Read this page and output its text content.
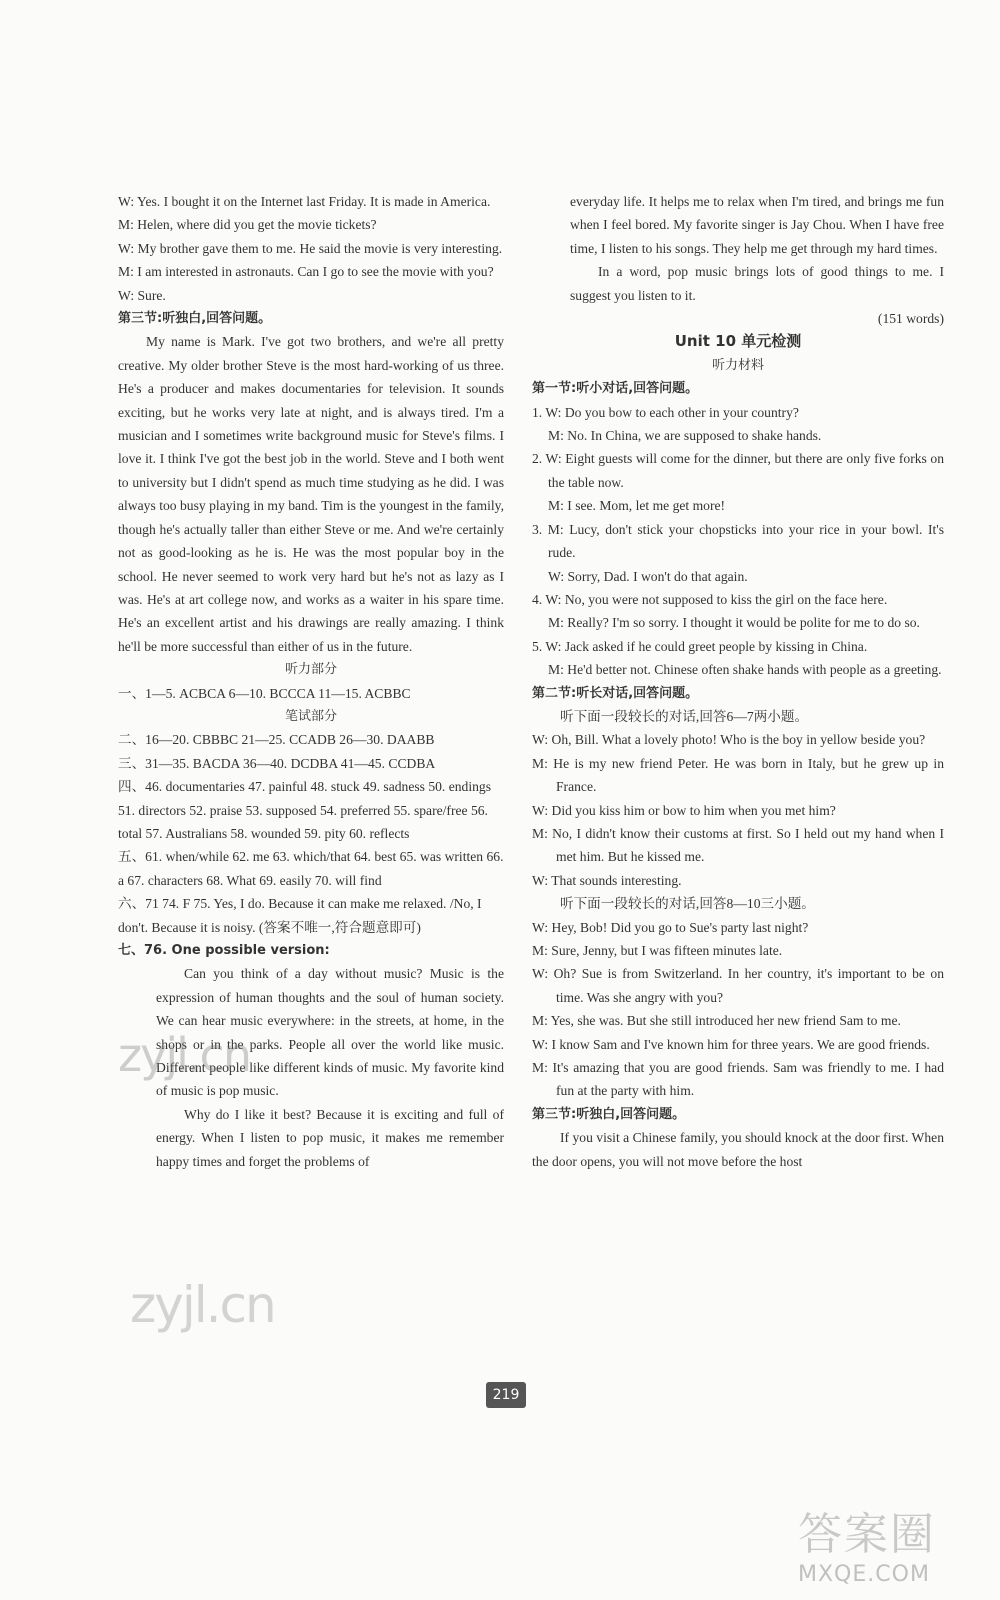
W: Yes. I bought it on the Internet last Friday. It is made in America.

M: Helen, where did you get the movie tickets?

W: My brother gave them to me. He said the movie is very interesting.

M: I am interested in astronauts. Can I go to see the movie with you?

W: Sure.

第三节:听独白,回答问题。

My name is Mark. I've got two brothers, and we're all pretty creative. My older brother Steve is the most hard-working of us three. He's a producer and makes documentaries for television. It sounds exciting, but he works very late at night, and is always tired. I'm a musician and I sometimes write background music for Steve's films. I love it. I think I've got the best job in the world. Steve and I both went to university but I didn't spend as much time studying as he did. I was always too busy playing in my band. Tim is the youngest in the family, though he's actually taller than either Steve or me. And we're certainly not as good-looking as he is. He was the most popular boy in the school. He never seemed to work very hard but he's not as lazy as I was. He's at art college now, and works as a waiter in his spare time. He's an excellent artist and his drawings are really amazing. I think he'll be more successful than either of us in the future.

听力部分

一、1—5. ACBCA 6—10. BCCCA 11—15. ACBBC

笔试部分

二、16—20. CBBBC 21—25. CCADB 26—30. DAABB

三、31—35. BACDA 36—40. DCDBA 41—45. CCDBA

四、46. documentaries 47. painful 48. stuck 49. sadness 50. endings 51. directors 52. praise 53. supposed 54. preferred 55. spare/free 56. total 57. Australians 58. wounded 59. pity 60. reflects

五、61. when/while 62. me 63. which/that 64. best 65. was written 66. a 67. characters 68. What 69. easily 70. will find

六、71 74. F 75. Yes, I do. Because it can make me relaxed. /No, I don't. Because it is noisy. (答案不唯一,符合题意即可)

七、76. One possible version:

Can you think of a day without music? Music is the expression of human thoughts and the soul of human society. We can hear music everywhere: in the streets, at home, in the shops or in the parks. People all over the world like music. Different people like different kinds of music. My favorite kind of music is pop music.

Why do I like it best? Because it is exciting and full of energy. When I listen to pop music, it makes me remember happy times and forget the problems of

everyday life. It helps me to relax when I'm tired, and brings me fun when I feel bored. My favorite singer is Jay Chou. When I have free time, I listen to his songs. They help me get through my hard times.

In a word, pop music brings lots of good things to me. I suggest you listen to it.

(151 words)

Unit 10 单元检测

听力材料

第一节:听小对话,回答问题。

1. W: Do you bow to each other in your country?

M: No. In China, we are supposed to shake hands.

2. W: Eight guests will come for the dinner, but there are only five forks on the table now.

M: I see. Mom, let me get more!

3. M: Lucy, don't stick your chopsticks into your rice in your bowl. It's rude.

W: Sorry, Dad. I won't do that again.

4. W: No, you were not supposed to kiss the girl on the face here.

M: Really? I'm so sorry. I thought it would be polite for me to do so.

5. W: Jack asked if he could greet people by kissing in China.

M: He'd better not. Chinese often shake hands with people as a greeting.

第二节:听长对话,回答问题。

听下面一段较长的对话,回答6—7两小题。

W: Oh, Bill. What a lovely photo! Who is the boy in yellow beside you?

M: He is my new friend Peter. He was born in Italy, but he grew up in France.

W: Did you kiss him or bow to him when you met him?

M: No, I didn't know their customs at first. So I held out my hand when I met him. But he kissed me.

W: That sounds interesting.

听下面一段较长的对话,回答8—10三小题。

W: Hey, Bob! Did you go to Sue's party last night?

M: Sure, Jenny, but I was fifteen minutes late.

W: Oh? Sue is from Switzerland. In her country, it's important to be on time. Was she angry with you?

M: Yes, she was. But she still introduced her new friend Sam to me.

W: I know Sam and I've known him for three years. We are good friends.

M: It's amazing that you are good friends. Sam was friendly to me. I had fun at the party with him.

第三节:听独白,回答问题。

If you visit a Chinese family, you should knock at the door first. When the door opens, you will not move before the host

219
zyjl.cn
zyjl.cn
答案圈
MXQE.COM
